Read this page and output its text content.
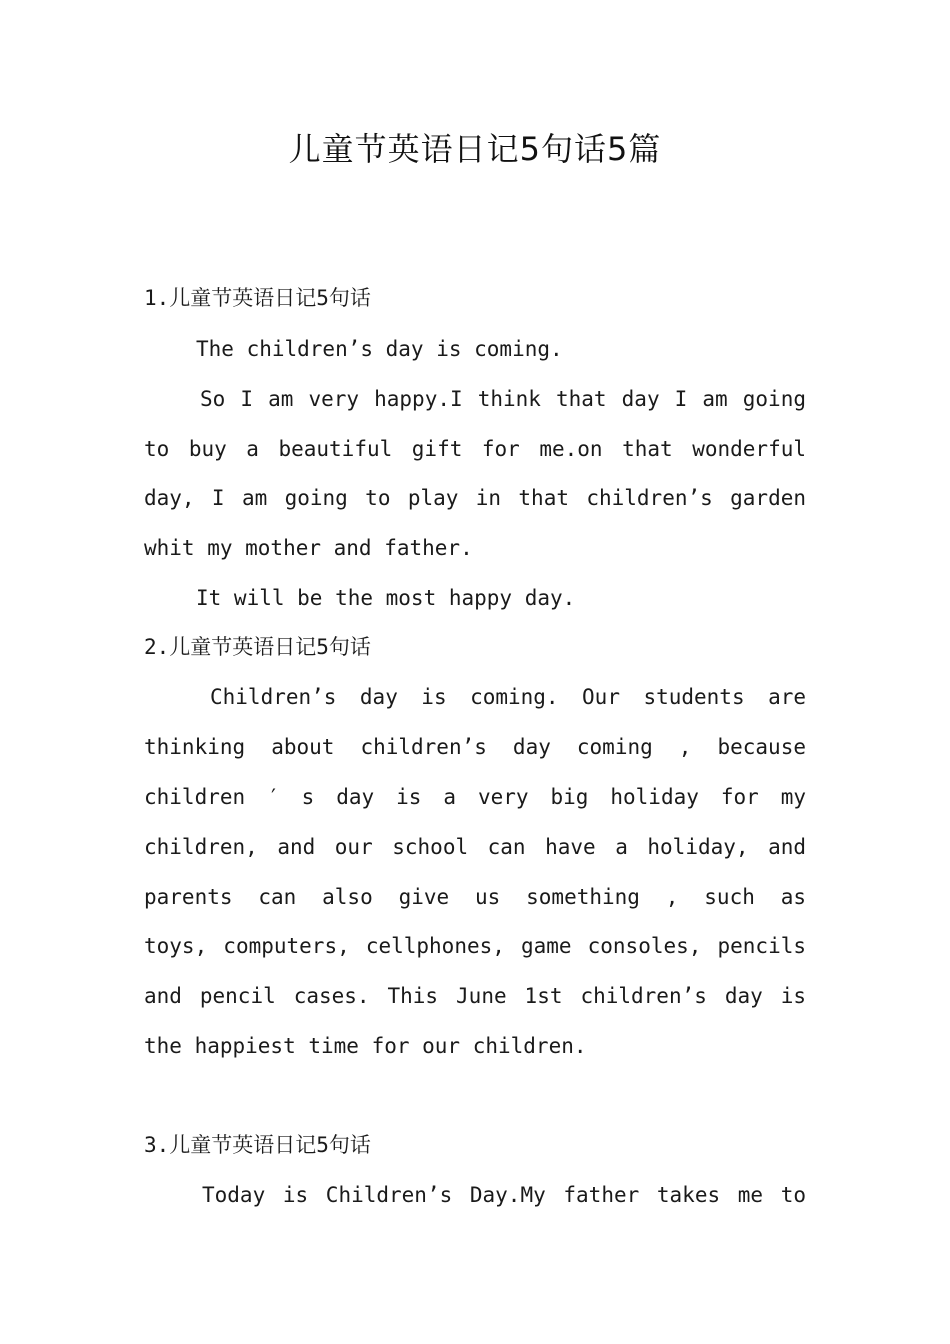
儿童节英语日记5句话5篇
1.儿童节英语日记5句话
The children’s day is coming.
So I am very happy.I think that day I am going
to buy a beautiful gift for me.on that wonderful
day, I am going to play in that children’s garden
whit my mother and father.
It will be the most happy day.
2.儿童节英语日记5句话
Children’s day is coming. Our students are
thinking about children’s day coming , because
children ′ s day is a very big holiday for my
children, and our school can have a holiday, and
parents can also give us something , such as
toys, computers, cellphones, game consoles, pencils
and pencil cases. This June 1st children’s day is
the happiest time for our children.
3.儿童节英语日记5句话
Today is Children’s Day.My father takes me to
